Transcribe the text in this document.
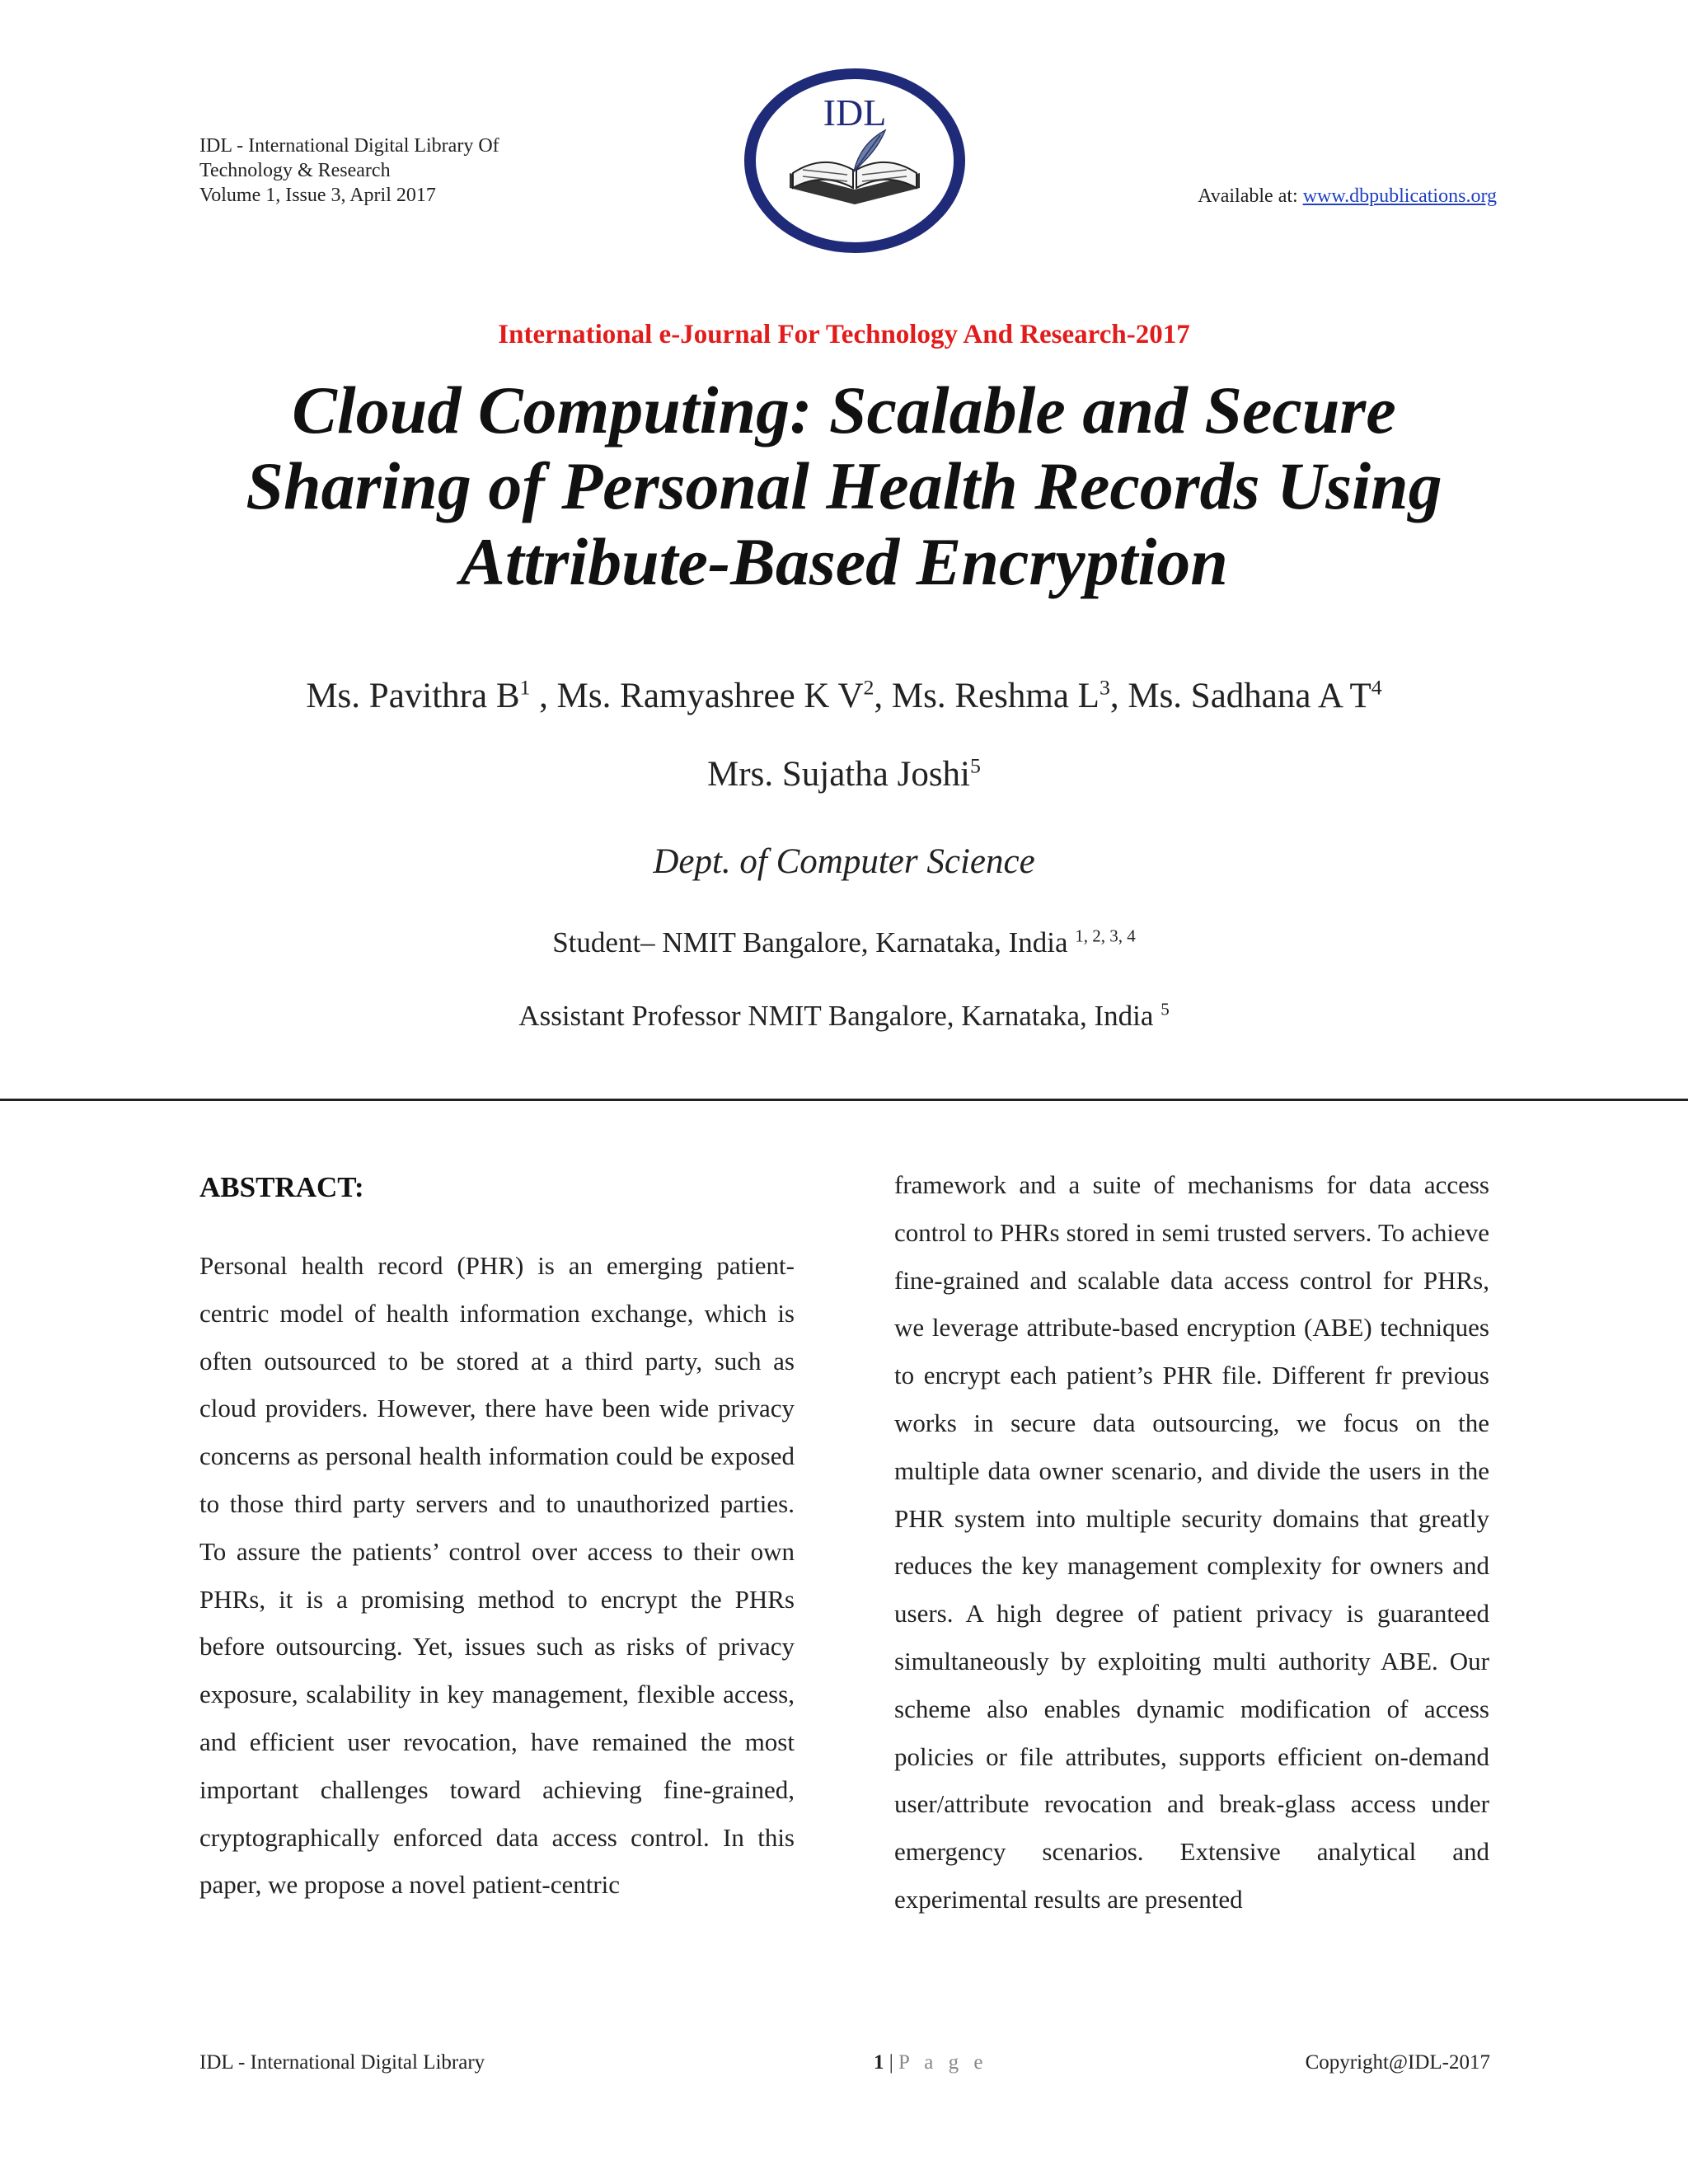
IDL - International Digital Library Of
Technology & Research
Volume 1, Issue 3, April 2017
IDL
Available at: www.dbpublications.org
International e-Journal For Technology And Research-2017
Cloud Computing: Scalable and Secure
Sharing of Personal Health Records Using
Attribute-Based Encryption
Ms. Pavithra $B^1$ , Ms. Ramyashree K $V^2$, Ms. Reshma $L^3$, Ms. Sadhana A $T^4$
Mrs. Sujatha Joshi$^5$
Dept. of Computer Science
Student– NMIT Bangalore, Karnataka, India $^{1, 2, 3, 4}$
Assistant Professor NMIT Bangalore, Karnataka, India $^5$
ABSTRACT:
Personal health record (PHR) is an emerging patient-centric model of health information exchange, which is often outsourced to be stored at a third party, such as cloud providers. However, there have been wide privacy concerns as personal health information could be exposed to those third party servers and to unauthorized parties. To assure the patients’ control over access to their own PHRs, it is a promising method to encrypt the PHRs before outsourcing. Yet, issues such as risks of privacy exposure, scalability in key management, flexible access, and efficient user revocation, have remained the most important challenges toward achieving fine-grained, cryptographically enforced data access control. In this paper, we propose a novel patient-centric
framework and a suite of mechanisms for data access control to PHRs stored in semi trusted servers. To achieve fine-grained and scalable data access control for PHRs, we leverage attribute-based encryption (ABE) techniques to encrypt each patient’s PHR file. Different fr previous works in secure data outsourcing, we focus on the multiple data owner scenario, and divide the users in the PHR system into multiple security domains that greatly reduces the key management complexity for owners and users. A high degree of patient privacy is guaranteed simultaneously by exploiting multi authority ABE. Our scheme also enables dynamic modification of access policies or file attributes, supports efficient on-demand user/attribute revocation and break-glass access under emergency scenarios. Extensive analytical and experimental results are presented
IDL - International Digital Library	1 | P a g e	Copyright@IDL-2017
